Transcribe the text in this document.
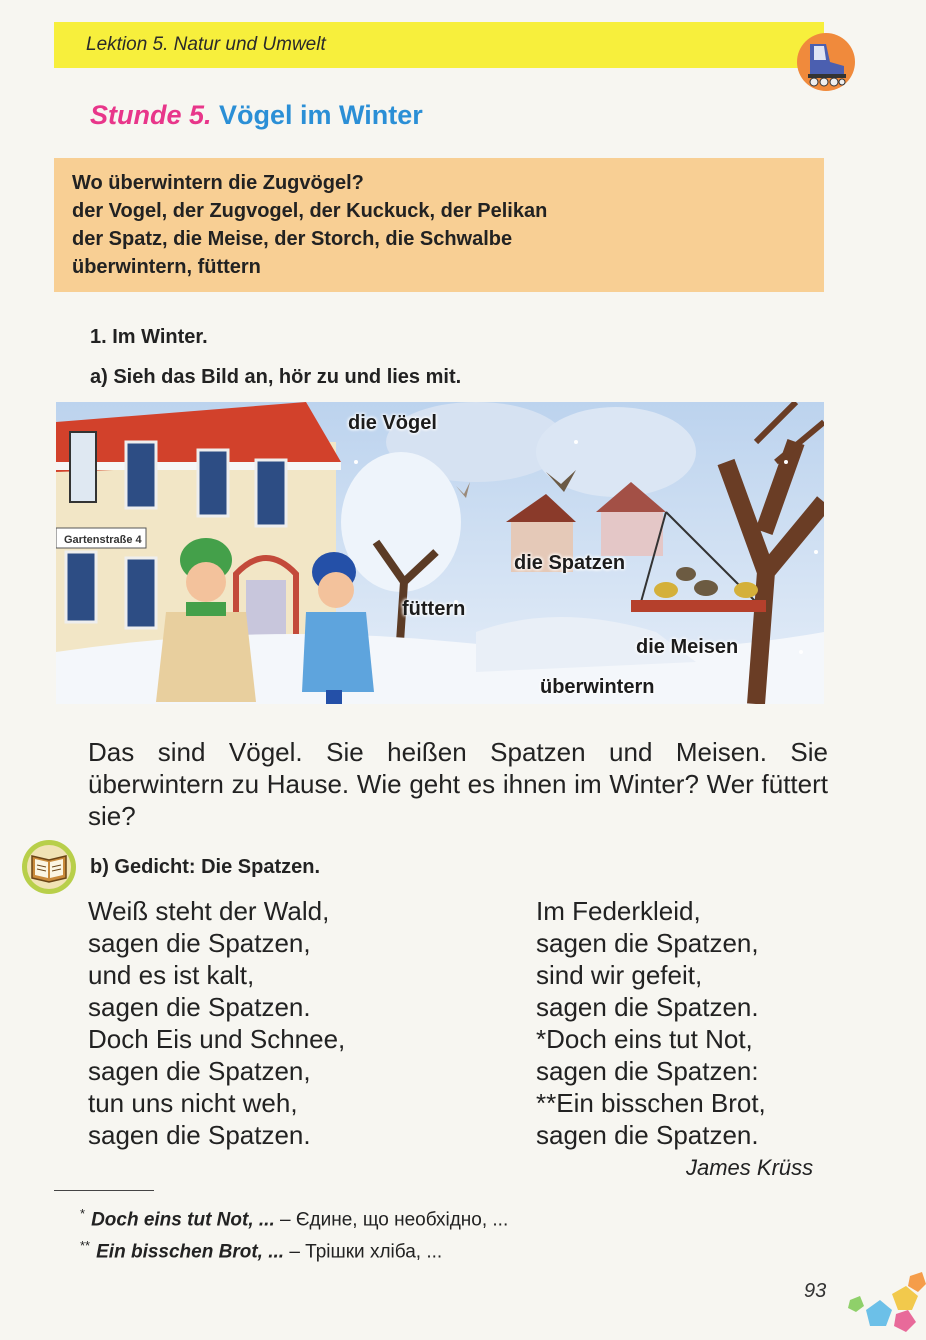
Lektion 5. Natur und Umwelt
Stunde 5. Vögel im Winter
Wo überwintern die Zugvögel?
der Vogel, der Zugvogel, der Kuckuck, der Pelikan
der Spatz, die Meise, der Storch, die Schwalbe
überwintern, füttern
1. Im Winter.
a) Sieh das Bild an, hör zu und lies mit.
Gartenstraße 4
die Vögel
die Spatzen
füttern
die Meisen
überwintern
Das sind Vögel. Sie heißen Spatzen und Meisen. Sie überwintern zu Hause. Wie geht es ihnen im Winter? Wer füttert sie?
b) Gedicht: Die Spatzen.
Weiß steht der Wald,
sagen die Spatzen,
und es ist kalt,
sagen die Spatzen.
Doch Eis und Schnee,
sagen die Spatzen,
tun uns nicht weh,
sagen die Spatzen.
Im Federkleid,
sagen die Spatzen,
sind wir gefeit,
sagen die Spatzen.
*Doch eins tut Not,
sagen die Spatzen:
**Ein bisschen Brot,
sagen die Spatzen.
James Krüss
* Doch eins tut Not, ... – Єдине, що необхідно, ...
** Ein bisschen Brot, ... – Трішки хліба, ...
93
